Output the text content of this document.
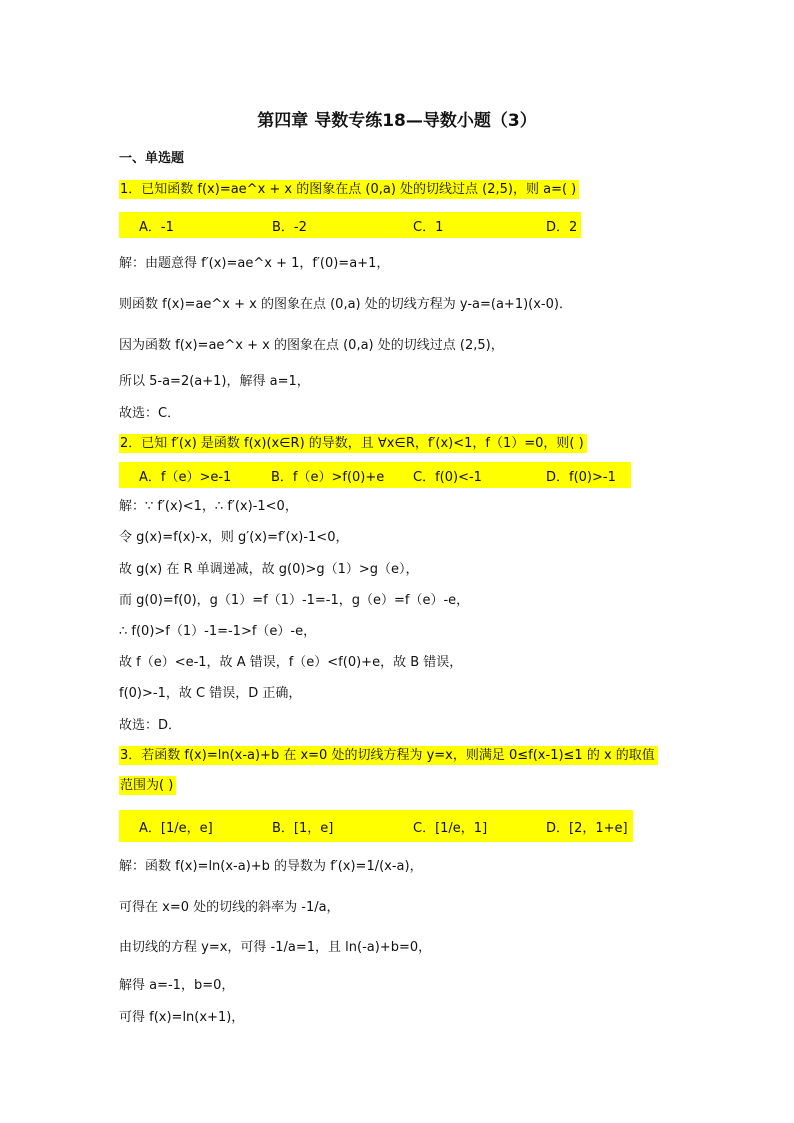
第四章 导数专练18—导数小题（3）
一、单选题
1．已知函数 f(x)=ae^x + x 的图象在点 (0,a) 处的切线过点 (2,5)，则 a=( )
A．-1	B．-2	C．1	D．2
解：由题意得 f′(x)=ae^x + 1，f′(0)=a+1，
则函数 f(x)=ae^x + x 的图象在点 (0,a) 处的切线方程为 y-a=(a+1)(x-0)．
因为函数 f(x)=ae^x + x 的图象在点 (0,a) 处的切线过点 (2,5)，
所以 5-a=2(a+1)，解得 a=1，
故选：C．
2．已知 f′(x) 是函数 f(x)(x∈R) 的导数，且 ∀x∈R，f′(x)<1，f（1）=0，则( )
A．f（e）>e-1	B．f（e）>f(0)+e C．f(0)<-1	D．f(0)>-1
解：∵ f′(x)<1，∴ f′(x)-1<0，
令 g(x)=f(x)-x，则 g′(x)=f′(x)-1<0，
故 g(x) 在 R 单调递减，故 g(0)>g（1）>g（e），
而 g(0)=f(0)，g（1）=f（1）-1=-1，g（e）=f（e）-e，
∴ f(0)>f（1）-1=-1>f（e）-e，
故 f（e）<e-1，故 A 错误，f（e）<f(0)+e，故 B 错误，
f(0)>-1，故 C 错误，D 正确，
故选：D．
3．若函数 f(x)=ln(x-a)+b 在 x=0 处的切线方程为 y=x，则满足 0≤f(x-1)≤1 的 x 的取值
范围为( )
A．[1/e，e]	B．[1，e]	C．[1/e，1]	D．[2，1+e]
解：函数 f(x)=ln(x-a)+b 的导数为 f′(x)=1/(x-a)，
可得在 x=0 处的切线的斜率为 -1/a，
由切线的方程 y=x，可得 -1/a=1，且 ln(-a)+b=0，
解得 a=-1，b=0，
可得 f(x)=ln(x+1)，
